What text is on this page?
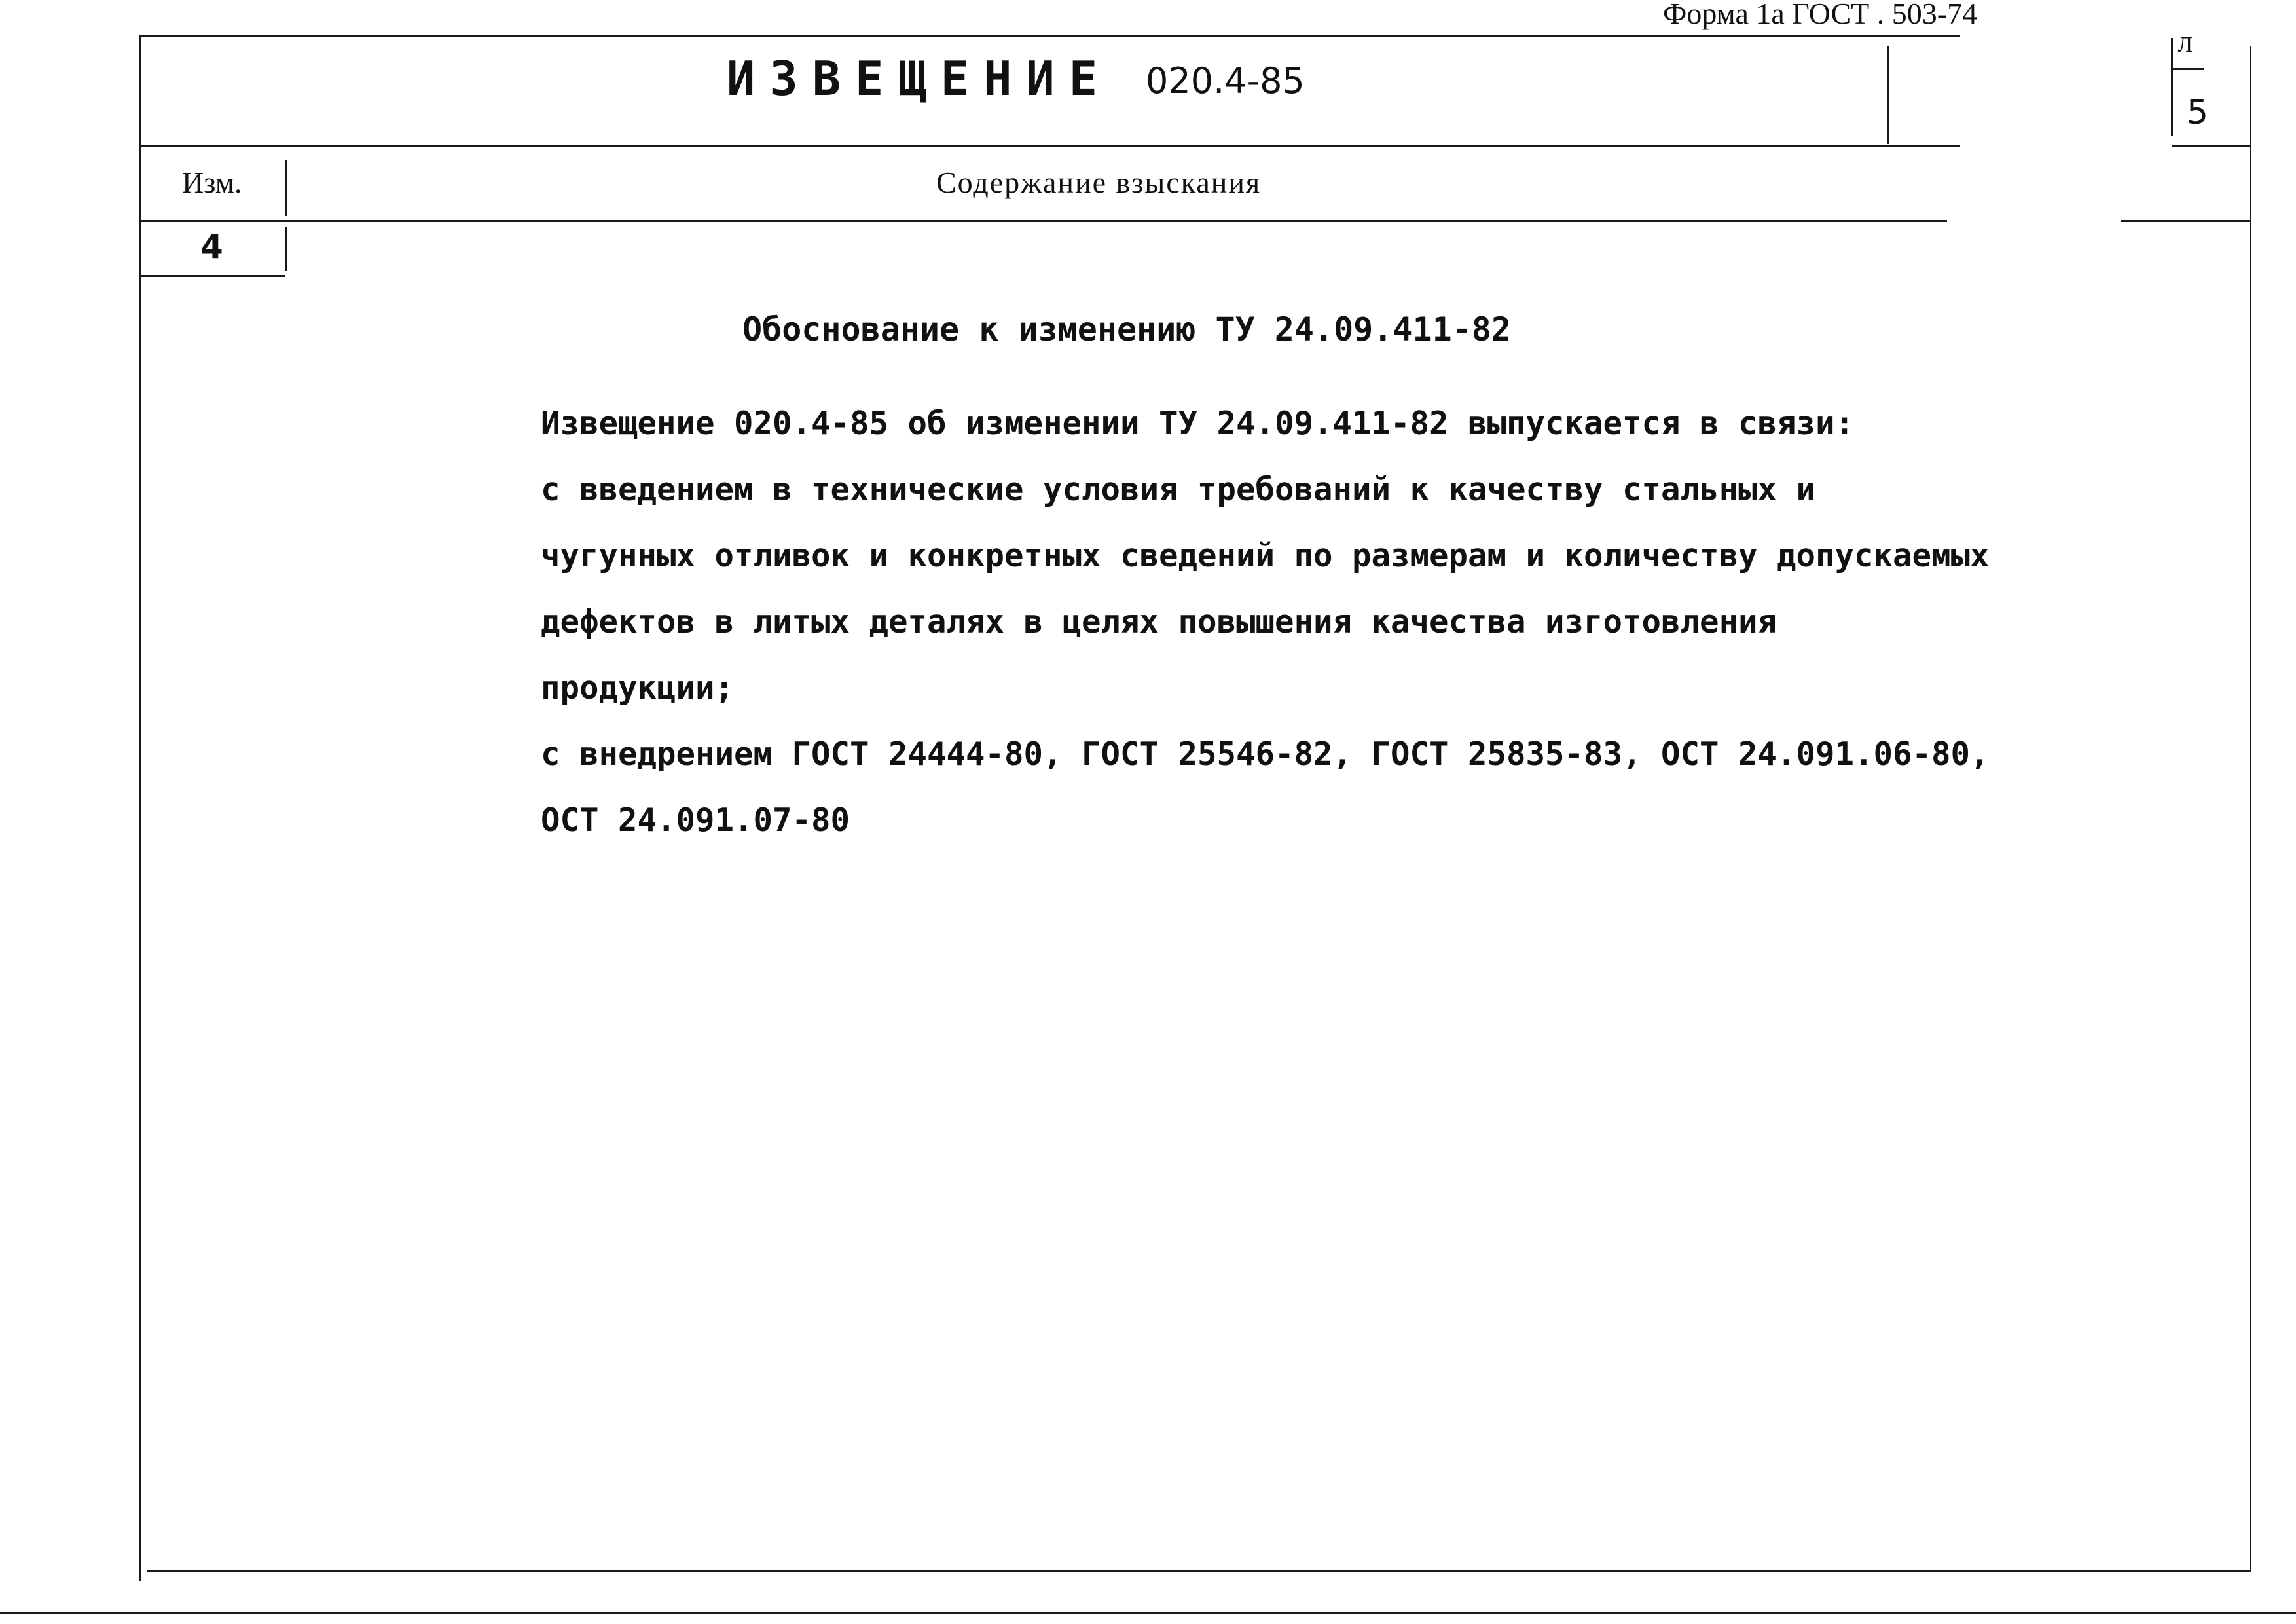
Форма 1а ГОСТ . 503-74
ИЗВЕЩЕНИЕ 020.4-85
Л
5
Изм.	Содержание взыскания
4
Обоснование к изменению ТУ 24.09.411-82
Извещение 020.4-85 об изменении ТУ 24.09.411-82 выпускается в связи:
с введением в технические условия требований к качеству стальных и
чугунных отливок и конкретных сведений по размерам и количеству допускаемых
дефектов в литых деталях в целях повышения качества изготовления
продукции;
с внедрением ГОСТ 24444-80, ГОСТ 25546-82, ГОСТ 25835-83, ОСТ 24.091.06-80,
ОСТ 24.091.07-80
